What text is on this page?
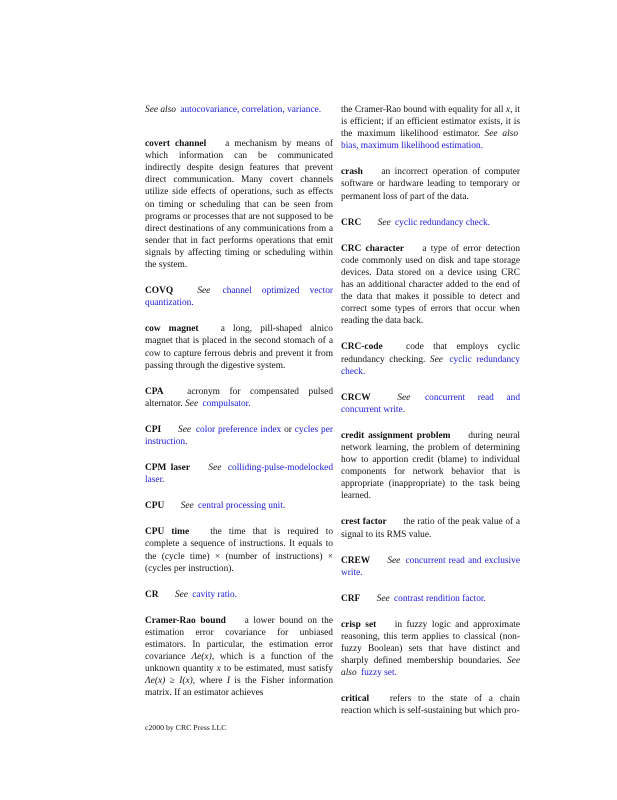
See also autocovariance, correlation, variance.

covert channel a mechanism by means of which information can be communicated indirectly despite design features that prevent direct communication. Many covert channels utilize side effects of operations, such as effects on timing or scheduling that can be seen from programs or processes that are not supposed to be direct destinations of any communications from a sender that in fact performs operations that emit signals by affecting timing or scheduling within the system.

COVQ	See channel optimized vector quantization.

cow magnet a long, pill-shaped alnico magnet that is placed in the second stomach of a cow to capture ferrous debris and prevent it from passing through the digestive system.

CPA	acronym for compensated pulsed alternator. See compulsator.

CPI See color preference index or cycles per instruction.

CPM laser See colliding-pulse-modelocked laser.

CPU See central processing unit.

CPU time the time that is required to complete a sequence of instructions. It equals to the (cycle time) × (number of instructions) × (cycles per instruction).

CR See cavity ratio.

Cramer-Rao bound a lower bound on the estimation error covariance for unbiased estimators. In particular, the estimation error covariance Λe(x), which is a function of the unknown quantity x to be estimated, must satisfy Λe(x) ≥ I(x), where I is the Fisher information matrix. If an estimator achieves

the Cramer-Rao bound with equality for all x, it is efficient; if an efficient estimator exists, it is the maximum likelihood estimator. See also bias, maximum likelihood estimation.

crash an incorrect operation of computer software or hardware leading to temporary or permanent loss of part of the data.

CRC See cyclic redundancy check.

CRC character a type of error detection code commonly used on disk and tape storage devices. Data stored on a device using CRC has an additional character added to the end of the data that makes it possible to detect and correct some types of errors that occur when reading the data back.

CRC-code code that employs cyclic redundancy checking. See cyclic redundancy check.

CRCW	See concurrent read and concurrent write.

credit assignment problem during neural network learning, the problem of determining how to apportion credit (blame) to individual components for network behavior that is appropriate (inappropriate) to the task being learned.

crest factor the ratio of the peak value of a signal to its RMS value.

CREW See concurrent read and exclusive write.

CRF See contrast rendition factor.

crisp set in fuzzy logic and approximate reasoning, this term applies to classical (non-fuzzy Boolean) sets that have distinct and sharply defined membership boundaries. See also fuzzy set.

critical refers to the state of a chain reaction which is self-sustaining but which pro-

c2000 by CRC Press LLC
